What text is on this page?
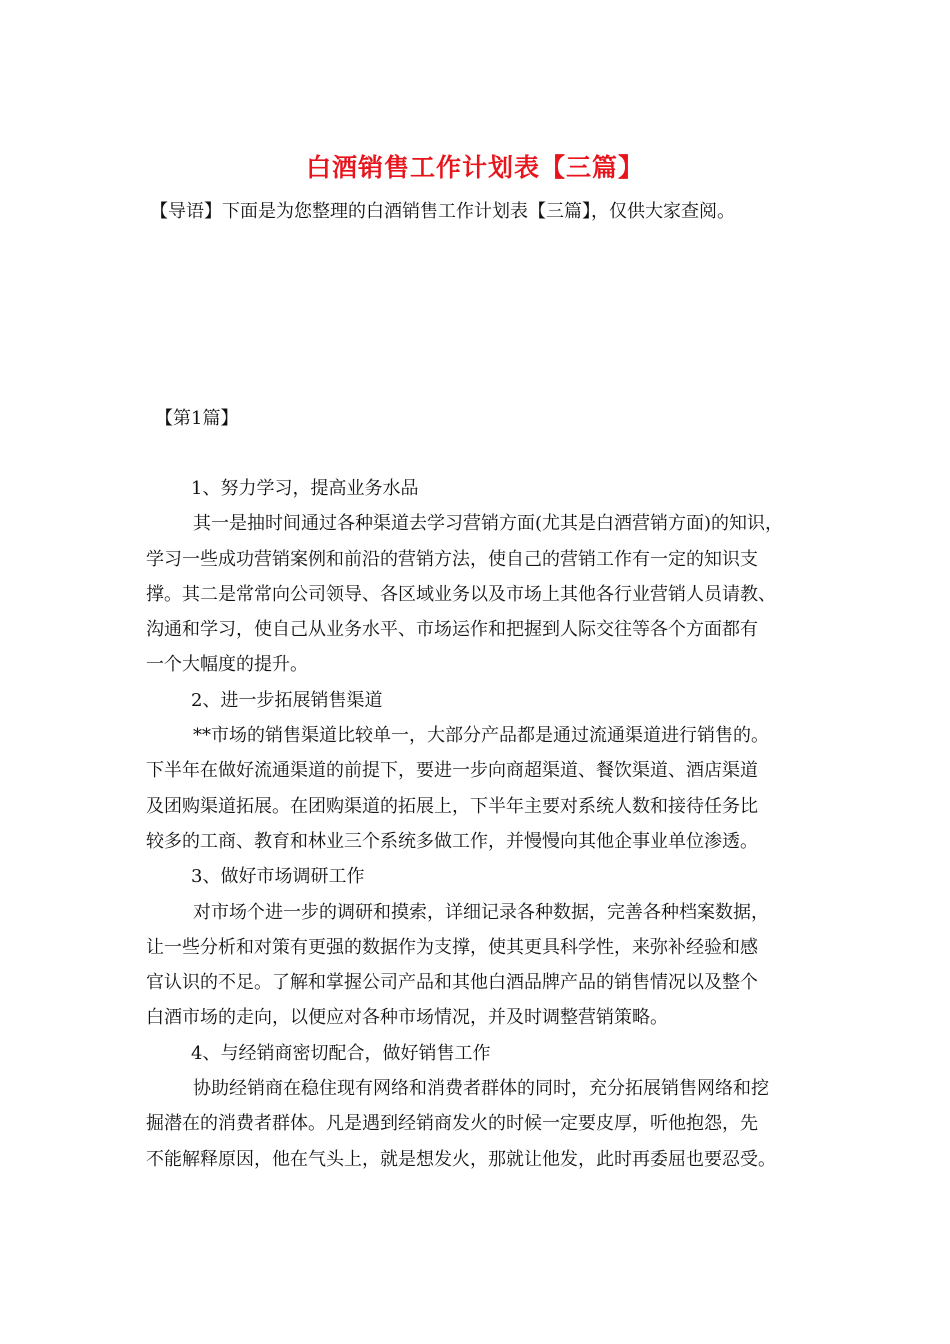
白酒销售工作计划表【三篇】
【导语】下面是为您整理的白酒销售工作计划表【三篇】，仅供大家查阅。
【第1篇】

1、努力学习，提高业务水品

其一是抽时间通过各种渠道去学习营销方面(尤其是白酒营销方面)的知识，

学习一些成功营销案例和前沿的营销方法，使自己的营销工作有一定的知识支

撑。其二是常常向公司领导、各区域业务以及市场上其他各行业营销人员请教、

沟通和学习，使自己从业务水平、市场运作和把握到人际交往等各个方面都有

一个大幅度的提升。

2、进一步拓展销售渠道

**市场的销售渠道比较单一，大部分产品都是通过流通渠道进行销售的。

下半年在做好流通渠道的前提下，要进一步向商超渠道、餐饮渠道、酒店渠道

及团购渠道拓展。在团购渠道的拓展上，下半年主要对系统人数和接待任务比

较多的工商、教育和林业三个系统多做工作，并慢慢向其他企事业单位渗透。

3、做好市场调研工作

对市场个进一步的调研和摸索，详细记录各种数据，完善各种档案数据，

让一些分析和对策有更强的数据作为支撑，使其更具科学性，来弥补经验和感

官认识的不足。了解和掌握公司产品和其他白酒品牌产品的销售情况以及整个

白酒市场的走向，以便应对各种市场情况，并及时调整营销策略。

4、与经销商密切配合，做好销售工作

协助经销商在稳住现有网络和消费者群体的同时，充分拓展销售网络和挖

掘潜在的消费者群体。凡是遇到经销商发火的时候一定要皮厚，听他抱怨，先

不能解释原因，他在气头上，就是想发火，那就让他发，此时再委屈也要忍受。
